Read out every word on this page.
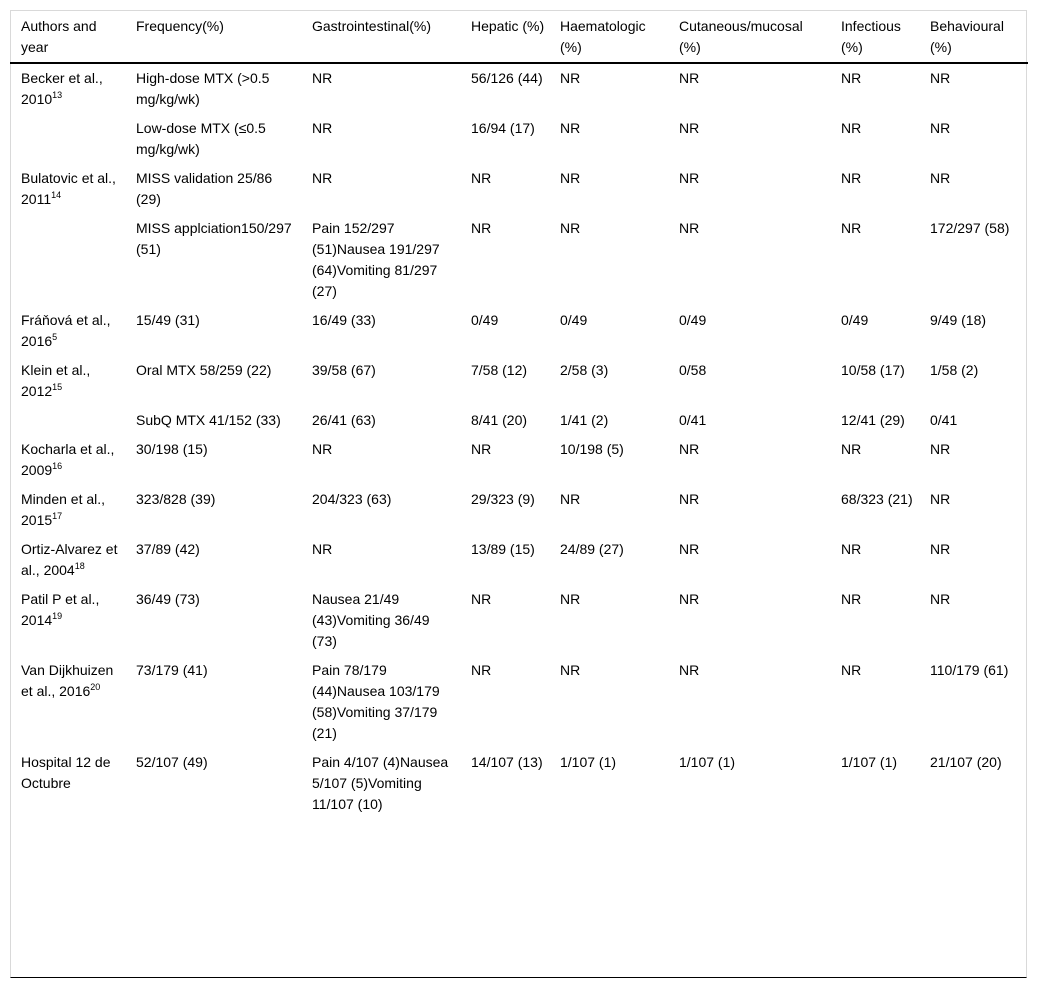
Authors and year	Frequency(%)	Gastrointestinal(%)	Hepatic (%)	Haematologic (%)	Cutaneous/mucosal (%)	Infectious (%)	Behavioural (%)
Becker et al., 2010$^{13}$	High-dose MTX (>0.5 mg/kg/wk)	NR	56/126 (44)	NR	NR	NR	NR
	Low-dose MTX (≤0.5 mg/kg/wk)	NR	16/94 (17)	NR	NR	NR	NR
Bulatovic et al., 2011$^{14}$	MISS validation 25/86 (29)	NR	NR	NR	NR	NR	NR
	MISS applciation150/297 (51)	Pain 152/297 (51)Nausea 191/297 (64)Vomiting 81/297 (27)	NR	NR	NR	NR	172/297 (58)
Fráňová et al., 2016$^5$	15/49 (31)	16/49 (33)	0/49	0/49	0/49	0/49	9/49 (18)
Klein et al., 2012$^{15}$	Oral MTX 58/259 (22)	39/58 (67)	7/58 (12)	2/58 (3)	0/58	10/58 (17)	1/58 (2)
	SubQ MTX 41/152 (33)	26/41 (63)	8/41 (20)	1/41 (2)	0/41	12/41 (29)	0/41
Kocharla et al., 2009$^{16}$	30/198 (15)	NR	NR	10/198 (5)	NR	NR	NR
Minden et al., 2015$^{17}$	323/828 (39)	204/323 (63)	29/323 (9)	NR	NR	68/323 (21)	NR
Ortiz-Alvarez et al., 2004$^{18}$	37/89 (42)	NR	13/89 (15)	24/89 (27)	NR	NR	NR
Patil P et al., 2014$^{19}$	36/49 (73)	Nausea 21/49 (43)Vomiting 36/49 (73)	NR	NR	NR	NR	NR
Van Dijkhuizen et al., 2016$^{20}$	73/179 (41)	Pain 78/179 (44)Nausea 103/179 (58)Vomiting 37/179 (21)	NR	NR	NR	NR	110/179 (61)
Hospital 12 de Octubre	52/107 (49)	Pain 4/107 (4)Nausea 5/107 (5)Vomiting 11/107 (10)	14/107 (13)	1/107 (1)	1/107 (1)	1/107 (1)	21/107 (20)
